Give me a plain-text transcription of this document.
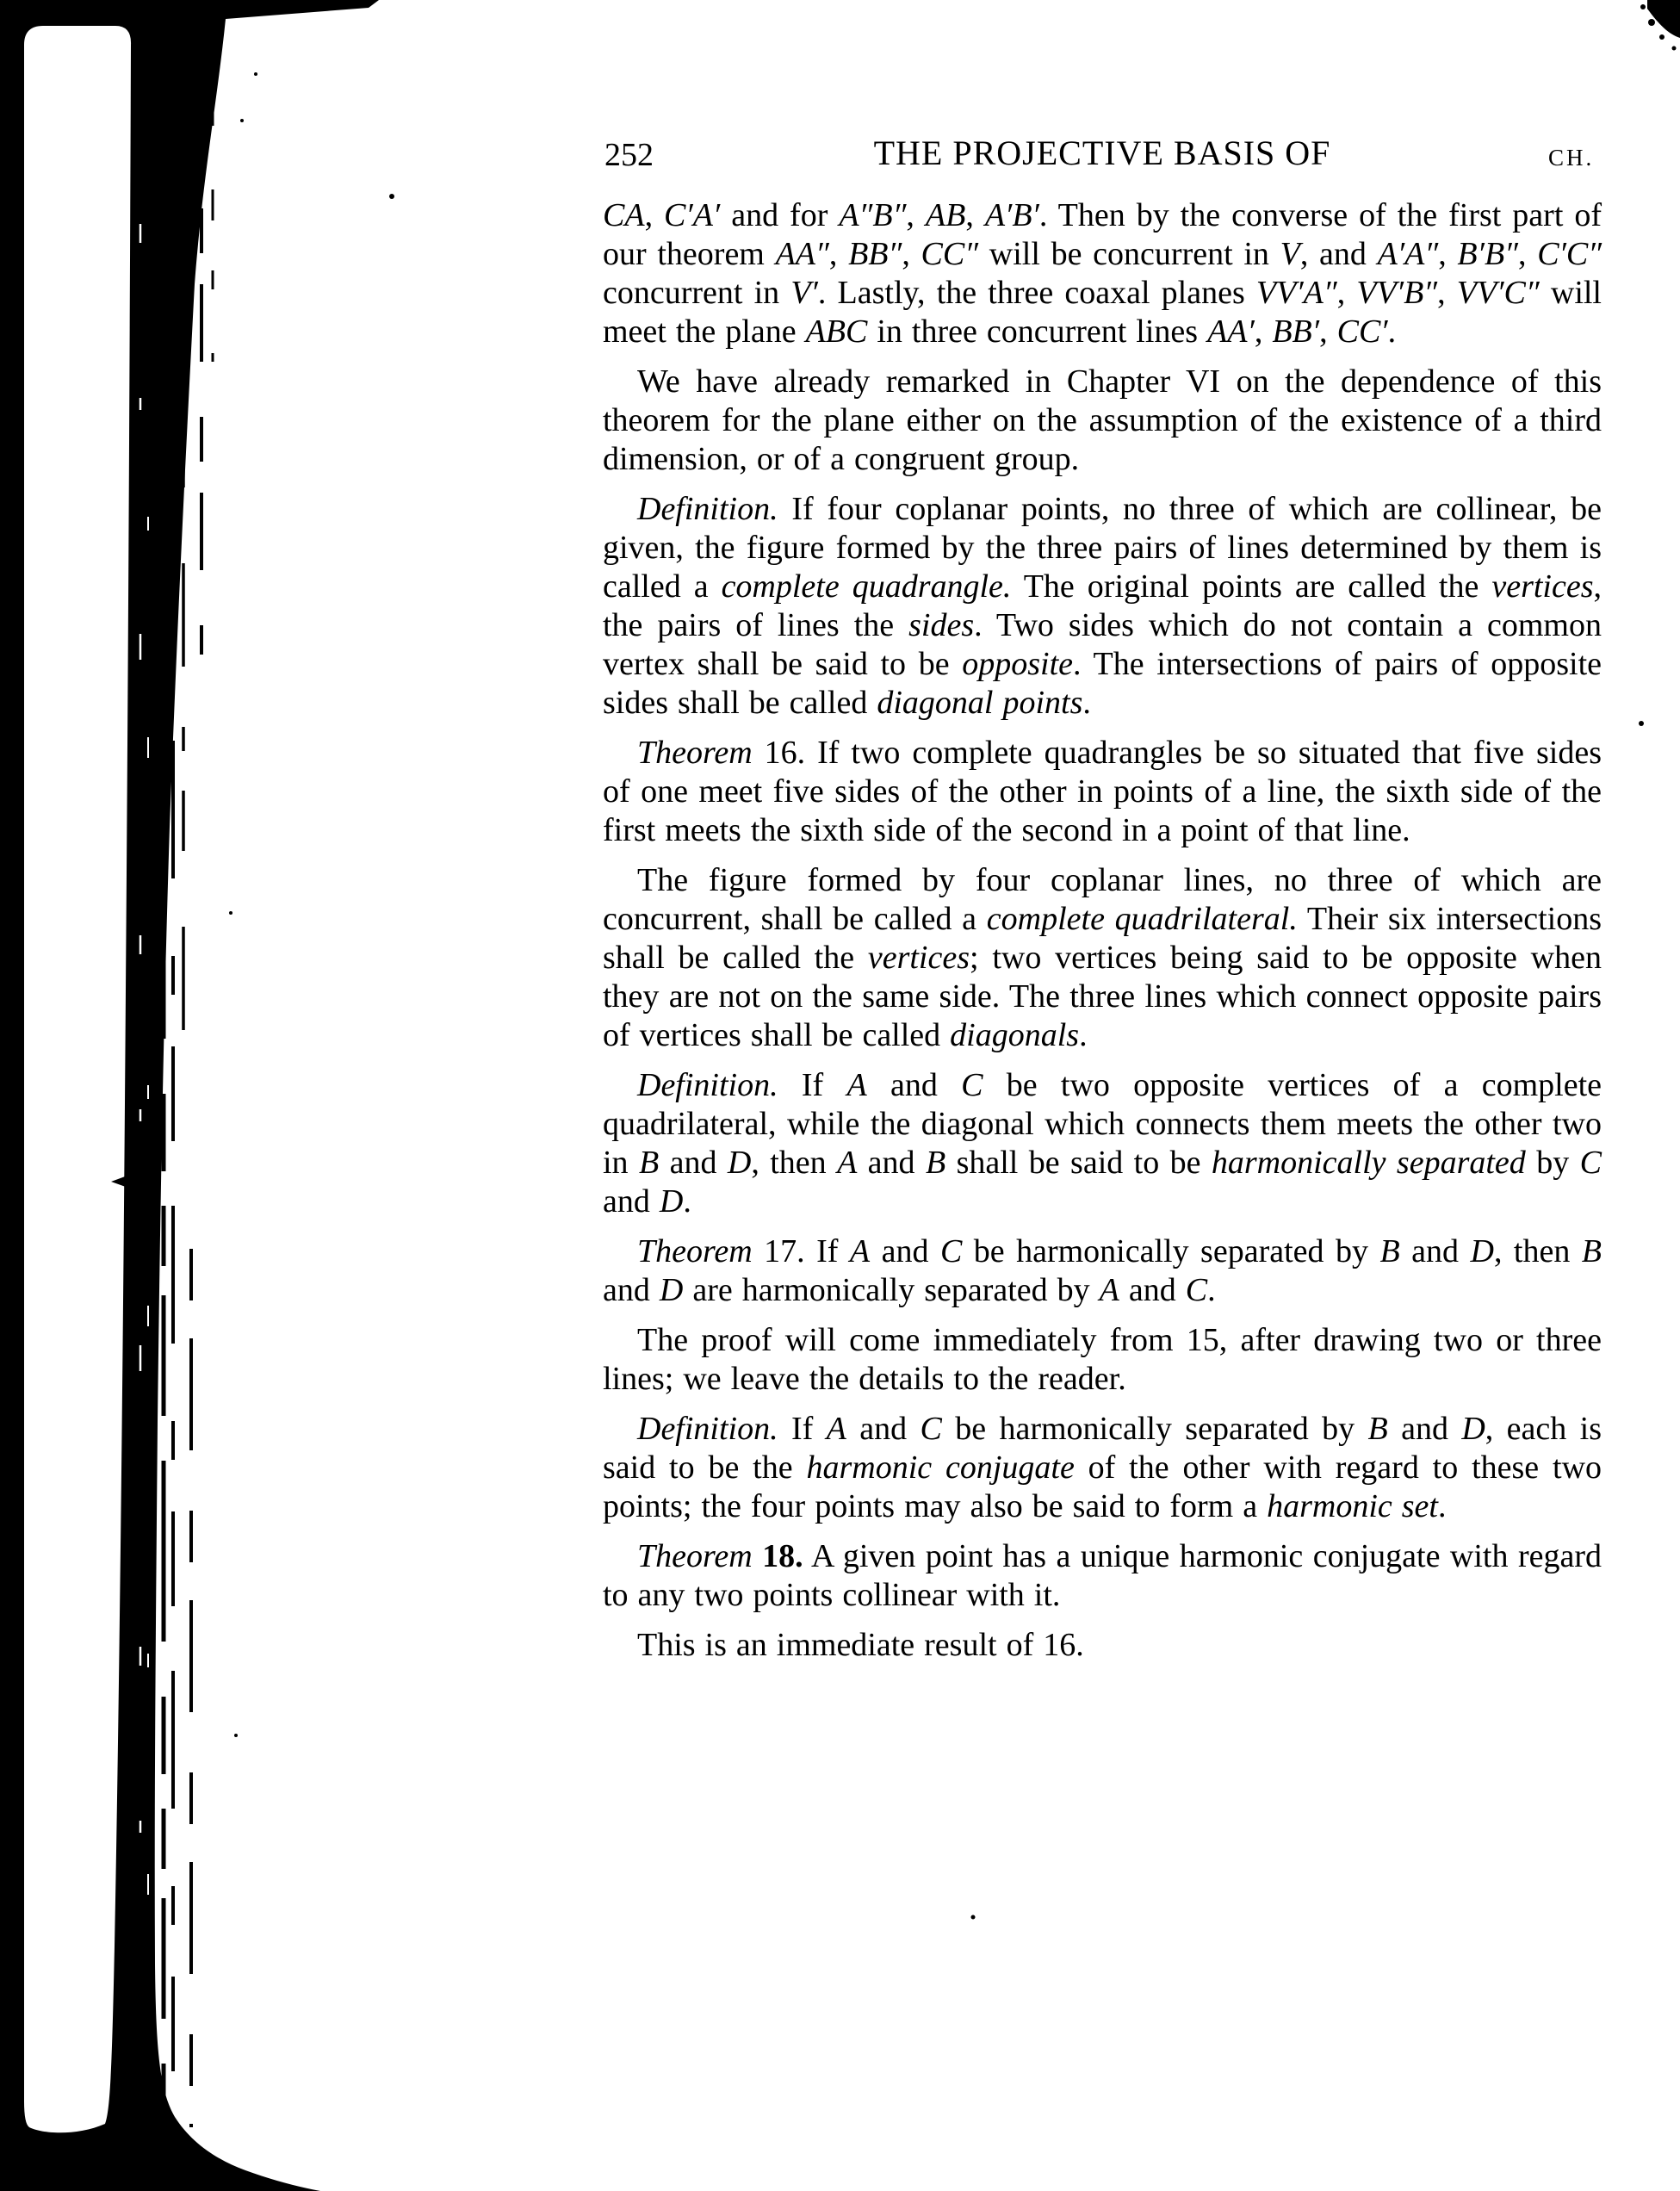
252	THE PROJECTIVE BASIS OF	CH.

CA, C′A′ and for A″B″, AB, A′B′. Then by the converse of the first part of our theorem AA″, BB″, CC″ will be concurrent in V, and A′A″, B′B″, C′C″ concurrent in V′. Lastly, the three coaxal planes VV′A″, VV′B″, VV′C″ will meet the plane ABC in three concurrent lines AA′, BB′, CC′.

We have already remarked in Chapter VI on the dependence of this theorem for the plane either on the assumption of the existence of a third dimension, or of a congruent group.

Definition. If four coplanar points, no three of which are collinear, be given, the figure formed by the three pairs of lines determined by them is called a complete quadrangle. The original points are called the vertices, the pairs of lines the sides. Two sides which do not contain a common vertex shall be said to be opposite. The intersections of pairs of opposite sides shall be called diagonal points.

Theorem 16. If two complete quadrangles be so situated that five sides of one meet five sides of the other in points of a line, the sixth side of the first meets the sixth side of the second in a point of that line.

The figure formed by four coplanar lines, no three of which are concurrent, shall be called a complete quadrilateral. Their six intersections shall be called the vertices; two vertices being said to be opposite when they are not on the same side. The three lines which connect opposite pairs of vertices shall be called diagonals.

Definition. If A and C be two opposite vertices of a complete quadrilateral, while the diagonal which connects them meets the other two in B and D, then A and B shall be said to be harmonically separated by C and D.

Theorem 17. If A and C be harmonically separated by B and D, then B and D are harmonically separated by A and C.

The proof will come immediately from 15, after drawing two or three lines; we leave the details to the reader.

Definition. If A and C be harmonically separated by B and D, each is said to be the harmonic conjugate of the other with regard to these two points; the four points may also be said to form a harmonic set.

Theorem 18. A given point has a unique harmonic conjugate with regard to any two points collinear with it.

This is an immediate result of 16.
